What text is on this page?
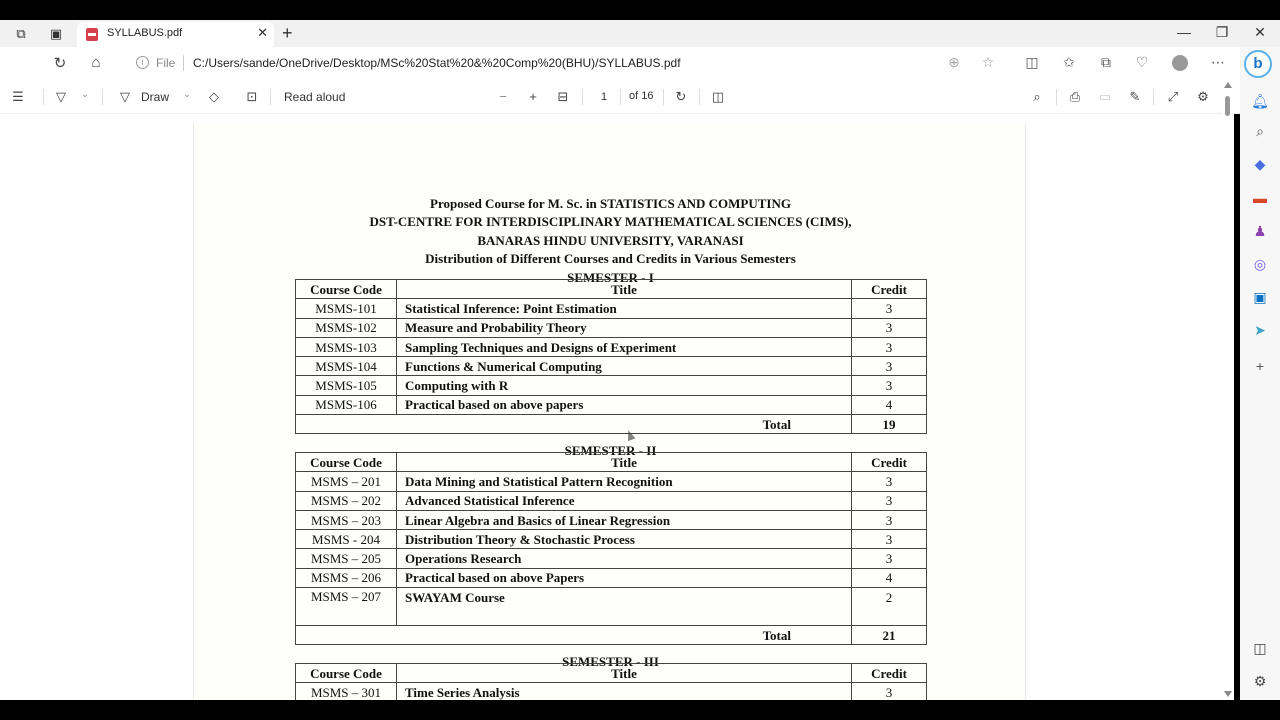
⧉	▣	SYLLABUS.pdf	✕ +	— ❐ ✕
↻	⌂	i	File C:/Users/sande/OneDrive/Desktop/MSc%20Stat%20&%20Comp%20(BHU)/SYLLABUS.pdf	⊕ ☆ ◫ ✩	⧉	♡	⋯
☰	▽	⌄	▽ Draw	⌄	◇	⊡ Read aloud	−	+	⊟	1	of 16 ↻ ◫	⌕	⎙ ▭ ✎ ⤢ ⚙
Proposed Course for M. Sc. in STATISTICS AND COMPUTING
DST-CENTRE FOR INTERDISCIPLINARY MATHEMATICAL SCIENCES (CIMS),
BANARAS HINDU UNIVERSITY, VARANASI
Distribution of Different Courses and Credits in Various Semesters
SEMESTER - I
Course Code	Title	Credit
MSMS-101	Statistical Inference: Point Estimation	3
MSMS-102	Measure and Probability Theory	3
MSMS-103	Sampling Techniques and Designs of Experiment	3
MSMS-104	Functions & Numerical Computing	3
MSMS-105	Computing with R	3
MSMS-106	Practical based on above papers	4
Total		19
SEMESTER - II
Course Code	Title	Credit
MSMS – 201	Data Mining and Statistical Pattern Recognition	3
MSMS – 202	Advanced Statistical Inference	3
MSMS – 203	Linear Algebra and Basics of Linear Regression	3
MSMS - 204	Distribution Theory & Stochastic Process	3
MSMS – 205	Operations Research	3
MSMS – 206	Practical based on above Papers	4
MSMS – 207	SWAYAM Course	2
Total		21
SEMESTER - III
Course Code	Title	Credit
MSMS – 301	Time Series Analysis	3
🔔︎
⌕
◆
▬
♟
◎
▣
➤
+
◫
⚙
b
